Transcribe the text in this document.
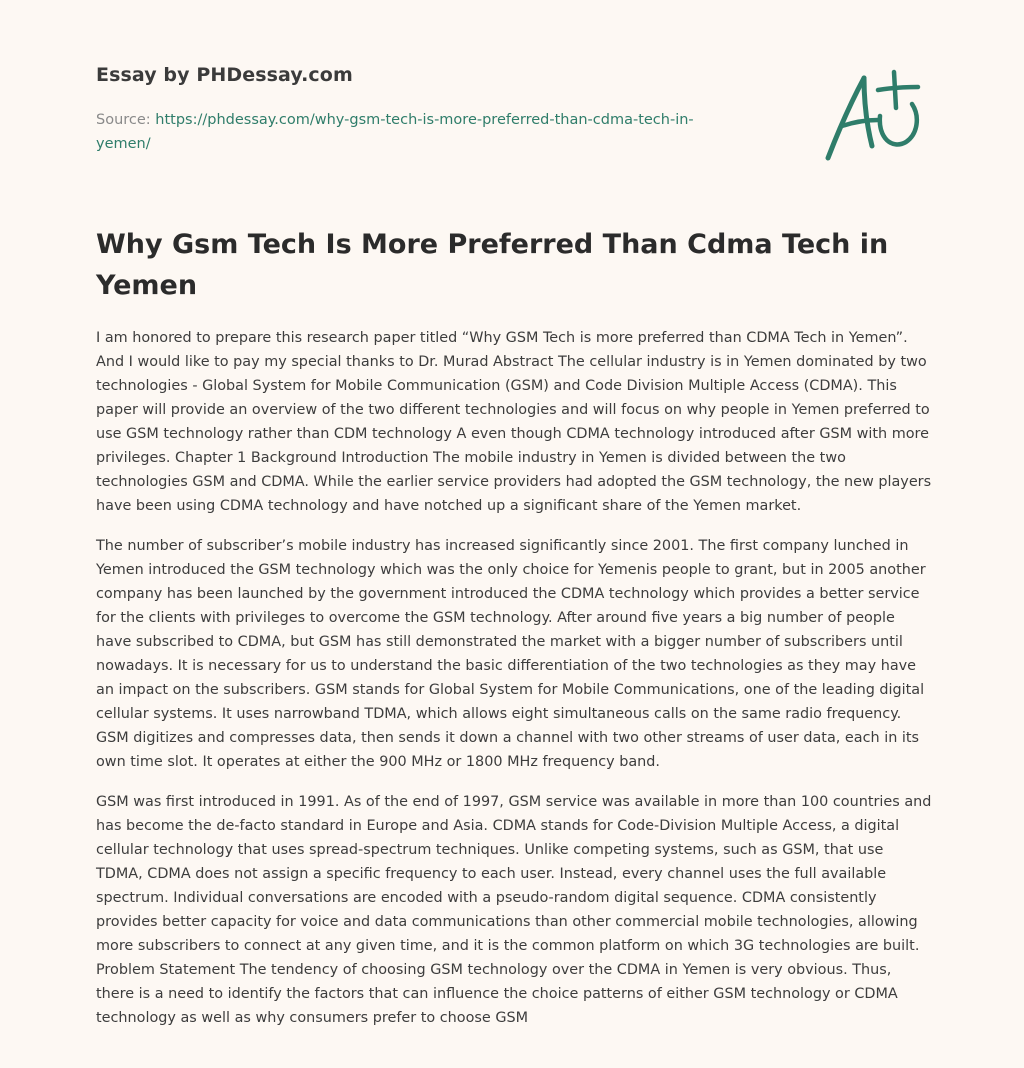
Essay by PHDessay.com
Source: https://phdessay.com/why-gsm-tech-is-more-preferred-than-cdma-tech-in-yemen/
Why Gsm Tech Is More Preferred Than Cdma Tech in Yemen

I am honored to prepare this research paper titled “Why GSM Tech is more preferred than CDMA Tech in Yemen”. And I would like to pay my special thanks to Dr. Murad Abstract The cellular industry is in Yemen dominated by two technologies - Global System for Mobile Communication (GSM) and Code Division Multiple Access (CDMA). This paper will provide an overview of the two different technologies and will focus on why people in Yemen preferred to use GSM technology rather than CDM technology A even though CDMA technology introduced after GSM with more privileges. Chapter 1 Background Introduction The mobile industry in Yemen is divided between the two technologies GSM and CDMA. While the earlier service providers had adopted the GSM technology, the new players have been using CDMA technology and have notched up a significant share of the Yemen market.

The number of subscriber’s mobile industry has increased significantly since 2001. The first company lunched in Yemen introduced the GSM technology which was the only choice for Yemenis people to grant, but in 2005 another company has been launched by the government introduced the CDMA technology which provides a better service for the clients with privileges to overcome the GSM technology. After around five years a big number of people have subscribed to CDMA, but GSM has still demonstrated the market with a bigger number of subscribers until nowadays. It is necessary for us to understand the basic differentiation of the two technologies as they may have an impact on the subscribers. GSM stands for Global System for Mobile Communications, one of the leading digital cellular systems. It uses narrowband TDMA, which allows eight simultaneous calls on the same radio frequency. GSM digitizes and compresses data, then sends it down a channel with two other streams of user data, each in its own time slot. It operates at either the 900 MHz or 1800 MHz frequency band.

GSM was first introduced in 1991. As of the end of 1997, GSM service was available in more than 100 countries and has become the de-facto standard in Europe and Asia. CDMA stands for Code-Division Multiple Access, a digital cellular technology that uses spread-spectrum techniques. Unlike competing systems, such as GSM, that use TDMA, CDMA does not assign a specific frequency to each user. Instead, every channel uses the full available spectrum. Individual conversations are encoded with a pseudo-random digital sequence. CDMA consistently provides better capacity for voice and data communications than other commercial mobile technologies, allowing more subscribers to connect at any given time, and it is the common platform on which 3G technologies are built. Problem Statement The tendency of choosing GSM technology over the CDMA in Yemen is very obvious. Thus, there is a need to identify the factors that can influence the choice patterns of either GSM technology or CDMA technology as well as why consumers prefer to choose GSM
